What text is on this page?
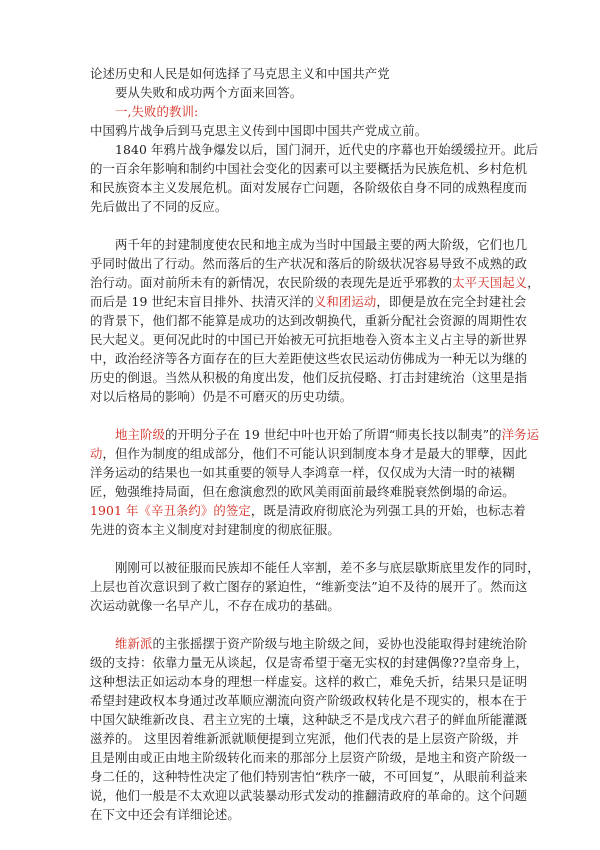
论述历史和人民是如何选择了马克思主义和中国共产党
要从失败和成功两个方面来回答。
一,失败的教训:
中国鸦片战争后到马克思主义传到中国即中国共产党成立前。
1840 年鸦片战争爆发以后，国门洞开，近代史的序幕也开始缓缓拉开。此后
的一百余年影响和制约中国社会变化的因素可以主要概括为民族危机、乡村危机
和民族资本主义发展危机。面对发展存亡问题，各阶级依自身不同的成熟程度而
先后做出了不同的反应。
两千年的封建制度使农民和地主成为当时中国最主要的两大阶级，它们也几
乎同时做出了行动。然而落后的生产状况和落后的阶级状况容易导致不成熟的政
治行动。面对前所未有的新情况，农民阶级的表现先是近乎邪教的太平天国起义，
而后是 19 世纪末盲目排外、扶清灭洋的义和团运动，即便是放在完全封建社会
的背景下，他们都不能算是成功的达到改朝换代，重新分配社会资源的周期性农
民大起义。更何况此时的中国已开始被无可抗拒地卷入资本主义占主导的新世界
中，政治经济等各方面存在的巨大差距使这些农民运动仿佛成为一种无以为继的
历史的倒退。当然从积极的角度出发，他们反抗侵略、打击封建统治（这里是指
对以后格局的影响）仍是不可磨灭的历史功绩。
地主阶级的开明分子在 19 世纪中叶也开始了所谓“师夷长技以制夷”的洋务运
动，但作为制度的组成部分，他们不可能认识到制度本身才是最大的罪孽，因此
洋务运动的结果也一如其重要的领导人李鸿章一样，仅仅成为大清一时的裱糊
匠，勉强维持局面，但在愈演愈烈的欧风美雨面前最终难脱衰然倒塌的命运。
1901 年《辛丑条约》的签定，既是清政府彻底沦为列强工具的开始，也标志着
先进的资本主义制度对封建制度的彻底征服。
刚刚可以被征服而民族却不能任人宰割，差不多与底层歇斯底里发作的同时，
上层也首次意识到了救亡图存的紧迫性，“维新变法”迫不及待的展开了。然而这
次运动就像一名早产儿，不存在成功的基础。
维新派的主张摇摆于资产阶级与地主阶级之间，妥协也没能取得封建统治阶
级的支持：依靠力量无从谈起，仅是寄希望于毫无实权的封建偶像??皇帝身上，
这种想法正如运动本身的理想一样虚妄。这样的救亡，难免夭折，结果只是证明
希望封建政权本身通过改革顺应潮流向资产阶级政权转化是不现实的，根本在于
中国欠缺维新改良、君主立宪的土壤，这种缺乏不是戊戌六君子的鲜血所能灌溉
滋养的。 这里因着维新派就顺便提到立宪派，他们代表的是上层资产阶级，并
且是刚由或正由地主阶级转化而来的那部分上层资产阶级，是地主和资产阶级一
身二任的，这种特性决定了他们特别害怕“秩序一破，不可回复”，从眼前利益来
说，他们一般是不太欢迎以武装暴动形式发动的推翻清政府的革命的。这个问题
在下文中还会有详细论述。
